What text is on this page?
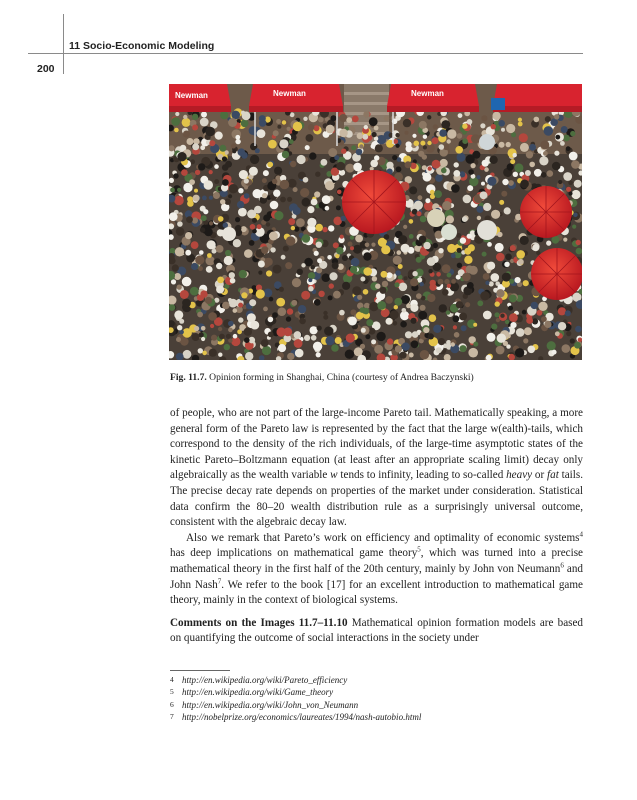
11 Socio-Economic Modeling
200
Newman	Newman	Newman
Fig. 11.7. Opinion forming in Shanghai, China (courtesy of Andrea Baczynski)

of people, who are not part of the large-income Pareto tail. Mathematically speaking, a more general form of the Pareto law is represented by the fact that the large w(ealth)-tails, which correspond to the density of the rich individuals, of the large-time asymptotic states of the kinetic Pareto–Boltzmann equation (at least after an appropriate scaling limit) decay only algebraically as the wealth variable w tends to infinity, leading to so-called heavy or fat tails. The precise decay rate depends on properties of the market under consideration. Statistical data confirm the 80–20 wealth distribution rule as a surprisingly universal outcome, consistent with the algebraic decay law.

Also we remark that Pareto’s work on efficiency and optimality of economic systems$^4$ has deep implications on mathematical game theory$^5$, which was turned into a precise mathematical theory in the first half of the 20th century, mainly by John von Neumann$^6$ and John Nash$^7$. We refer to the book [17] for an excellent introduction to mathematical game theory, mainly in the context of biological systems.

Comments on the Images 11.7–11.10 Mathematical opinion formation models are based on quantifying the outcome of social interactions in the society under

4 http://en.wikipedia.org/wiki/Pareto_efficiency
5 http://en.wikipedia.org/wiki/Game_theory
6 http://en.wikipedia.org/wiki/John_von_Neumann
7 http://nobelprize.org/economics/laureates/1994/nash-autobio.html
